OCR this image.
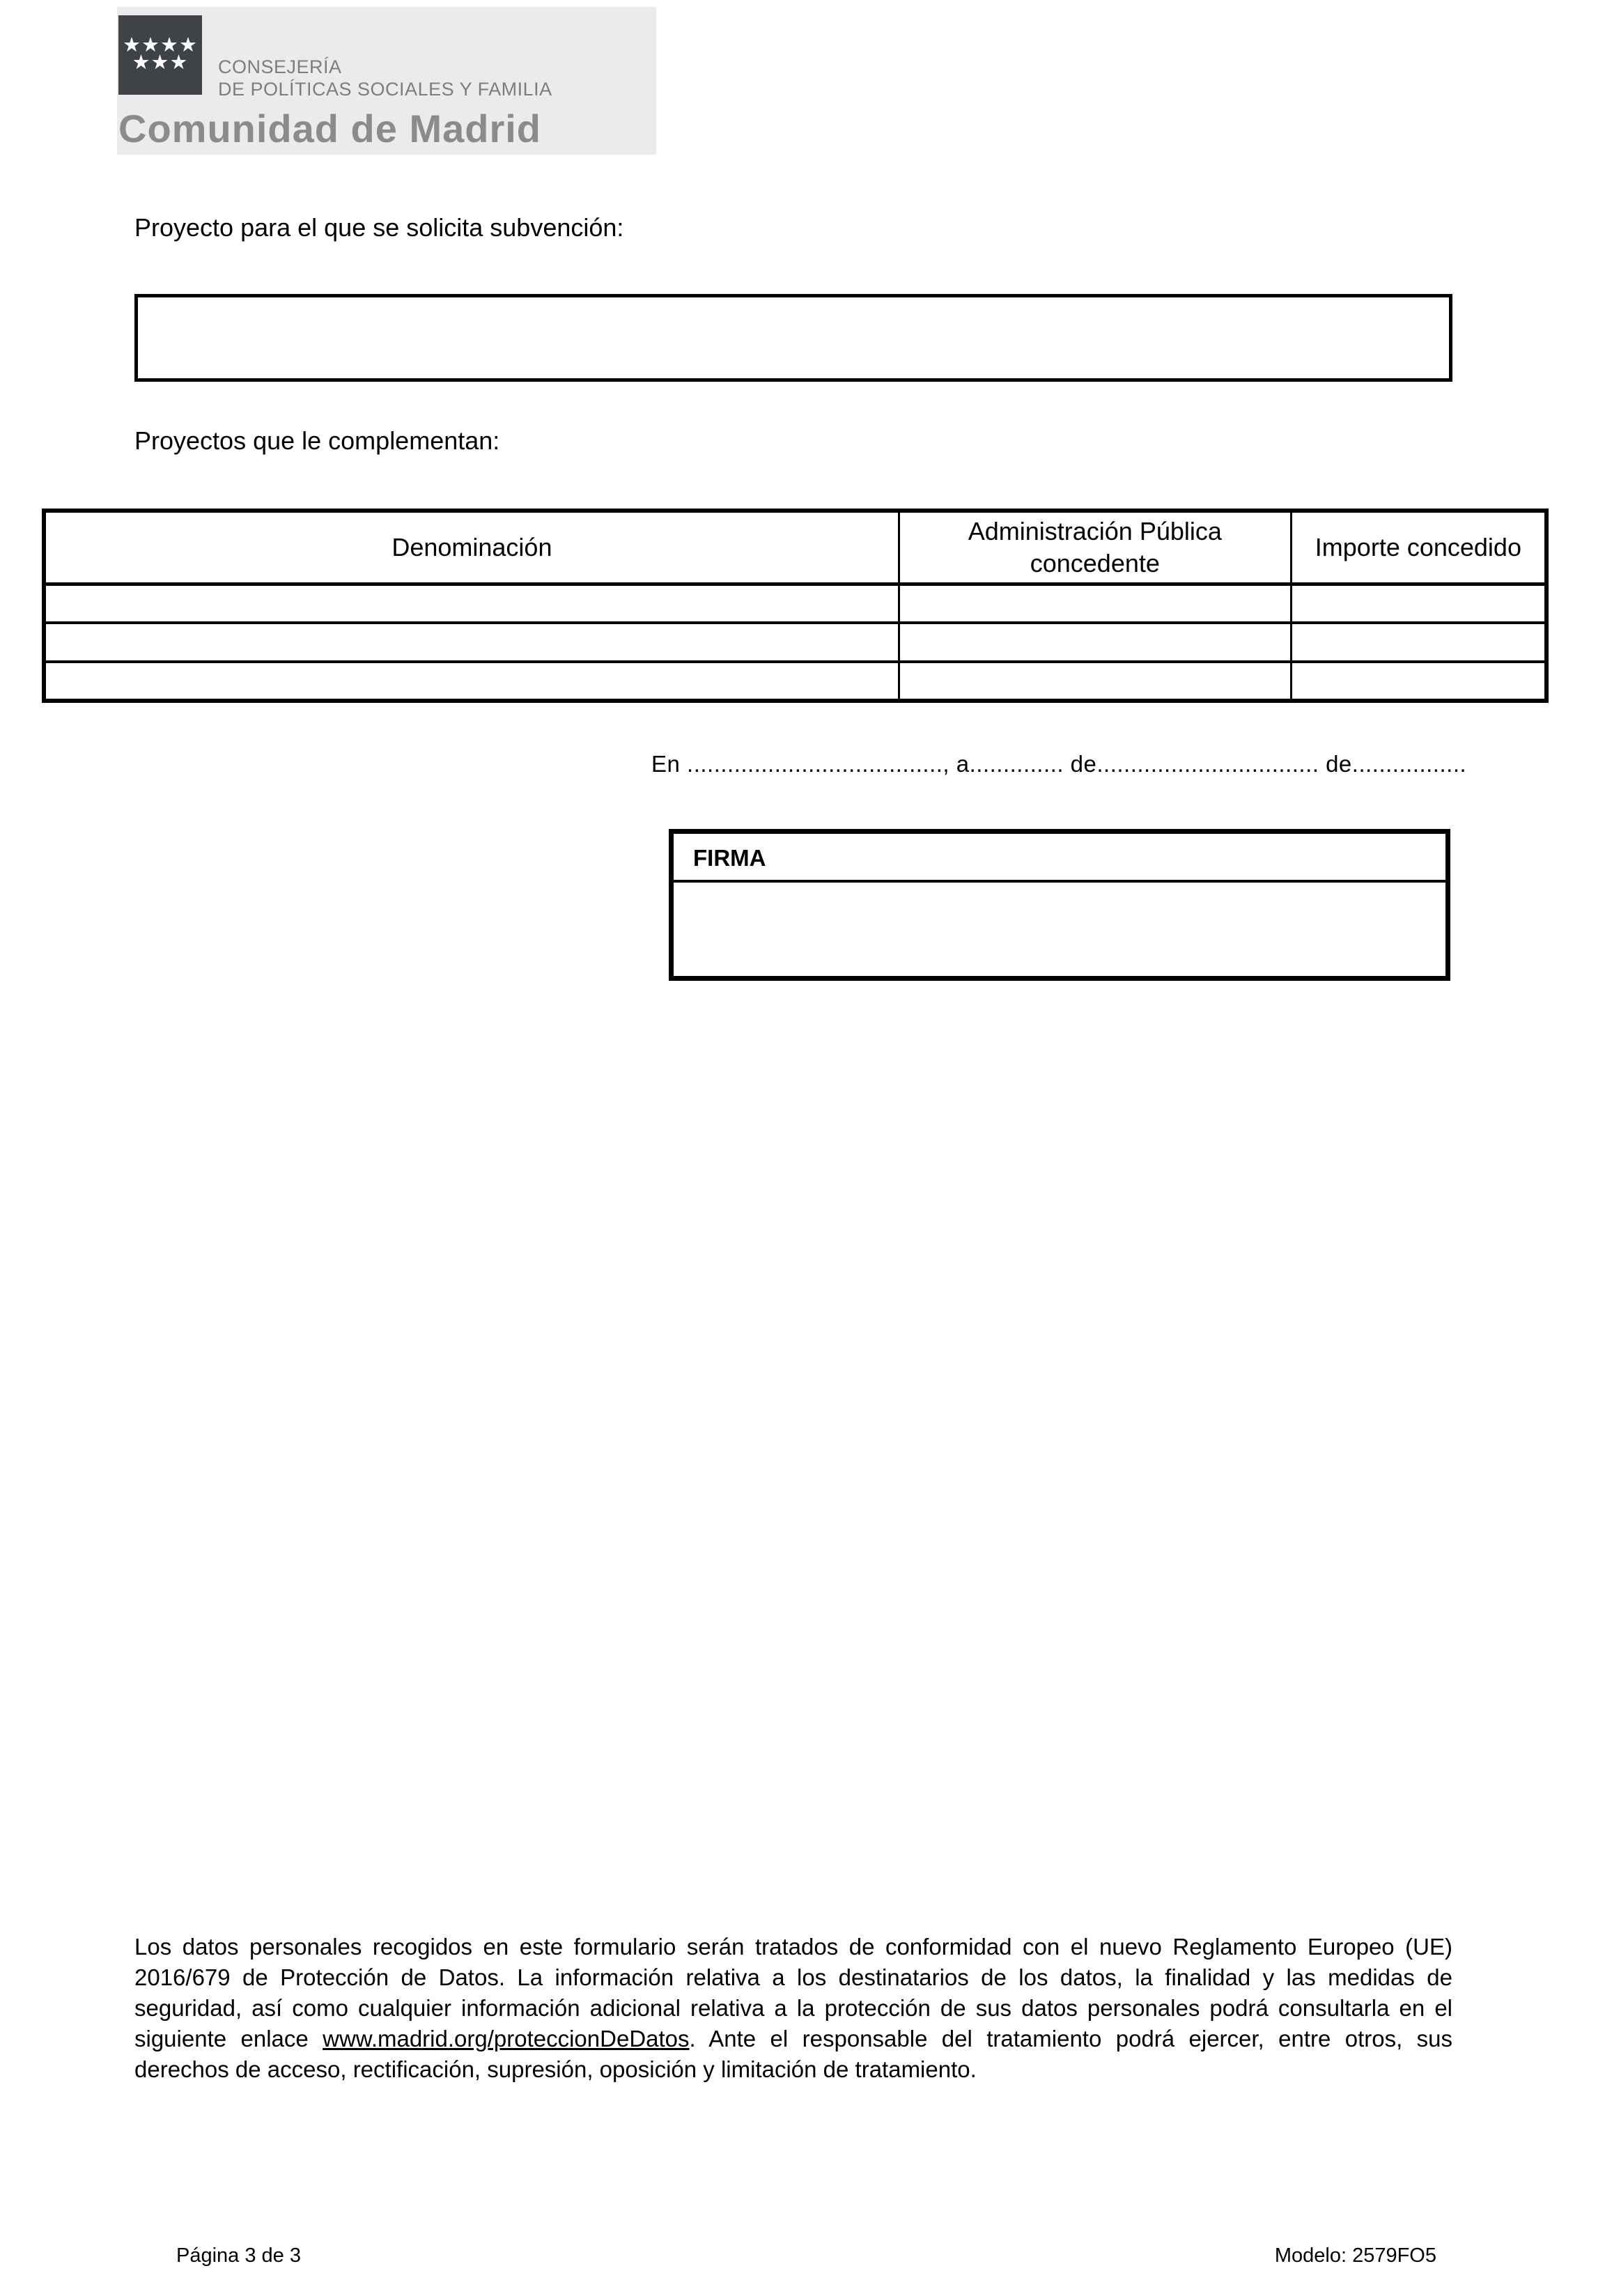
★★★★
★★★	CONSEJERÍA
DE POLÍTICAS SOCIALES Y FAMILIA
Comunidad de Madrid
Proyecto para el que se solicita subvención:
Proyectos que le complementan:
Denominación	Administración Pública concedente	Importe concedido

En ......................................, a.............. de................................. de.................
FIRMA

Los datos personales recogidos en este formulario serán tratados de conformidad con el nuevo Reglamento Europeo (UE) 2016/679 de Protección de Datos. La información relativa a los destinatarios de los datos, la finalidad y las medidas de seguridad, así como cualquier información adicional relativa a la protección de sus datos personales podrá consultarla en el siguiente enlace www.madrid.org/proteccionDeDatos. Ante el responsable del tratamiento podrá ejercer, entre otros, sus derechos de acceso, rectificación, supresión, oposición y limitación de tratamiento.

Página 3 de 3	Modelo: 2579FO5
